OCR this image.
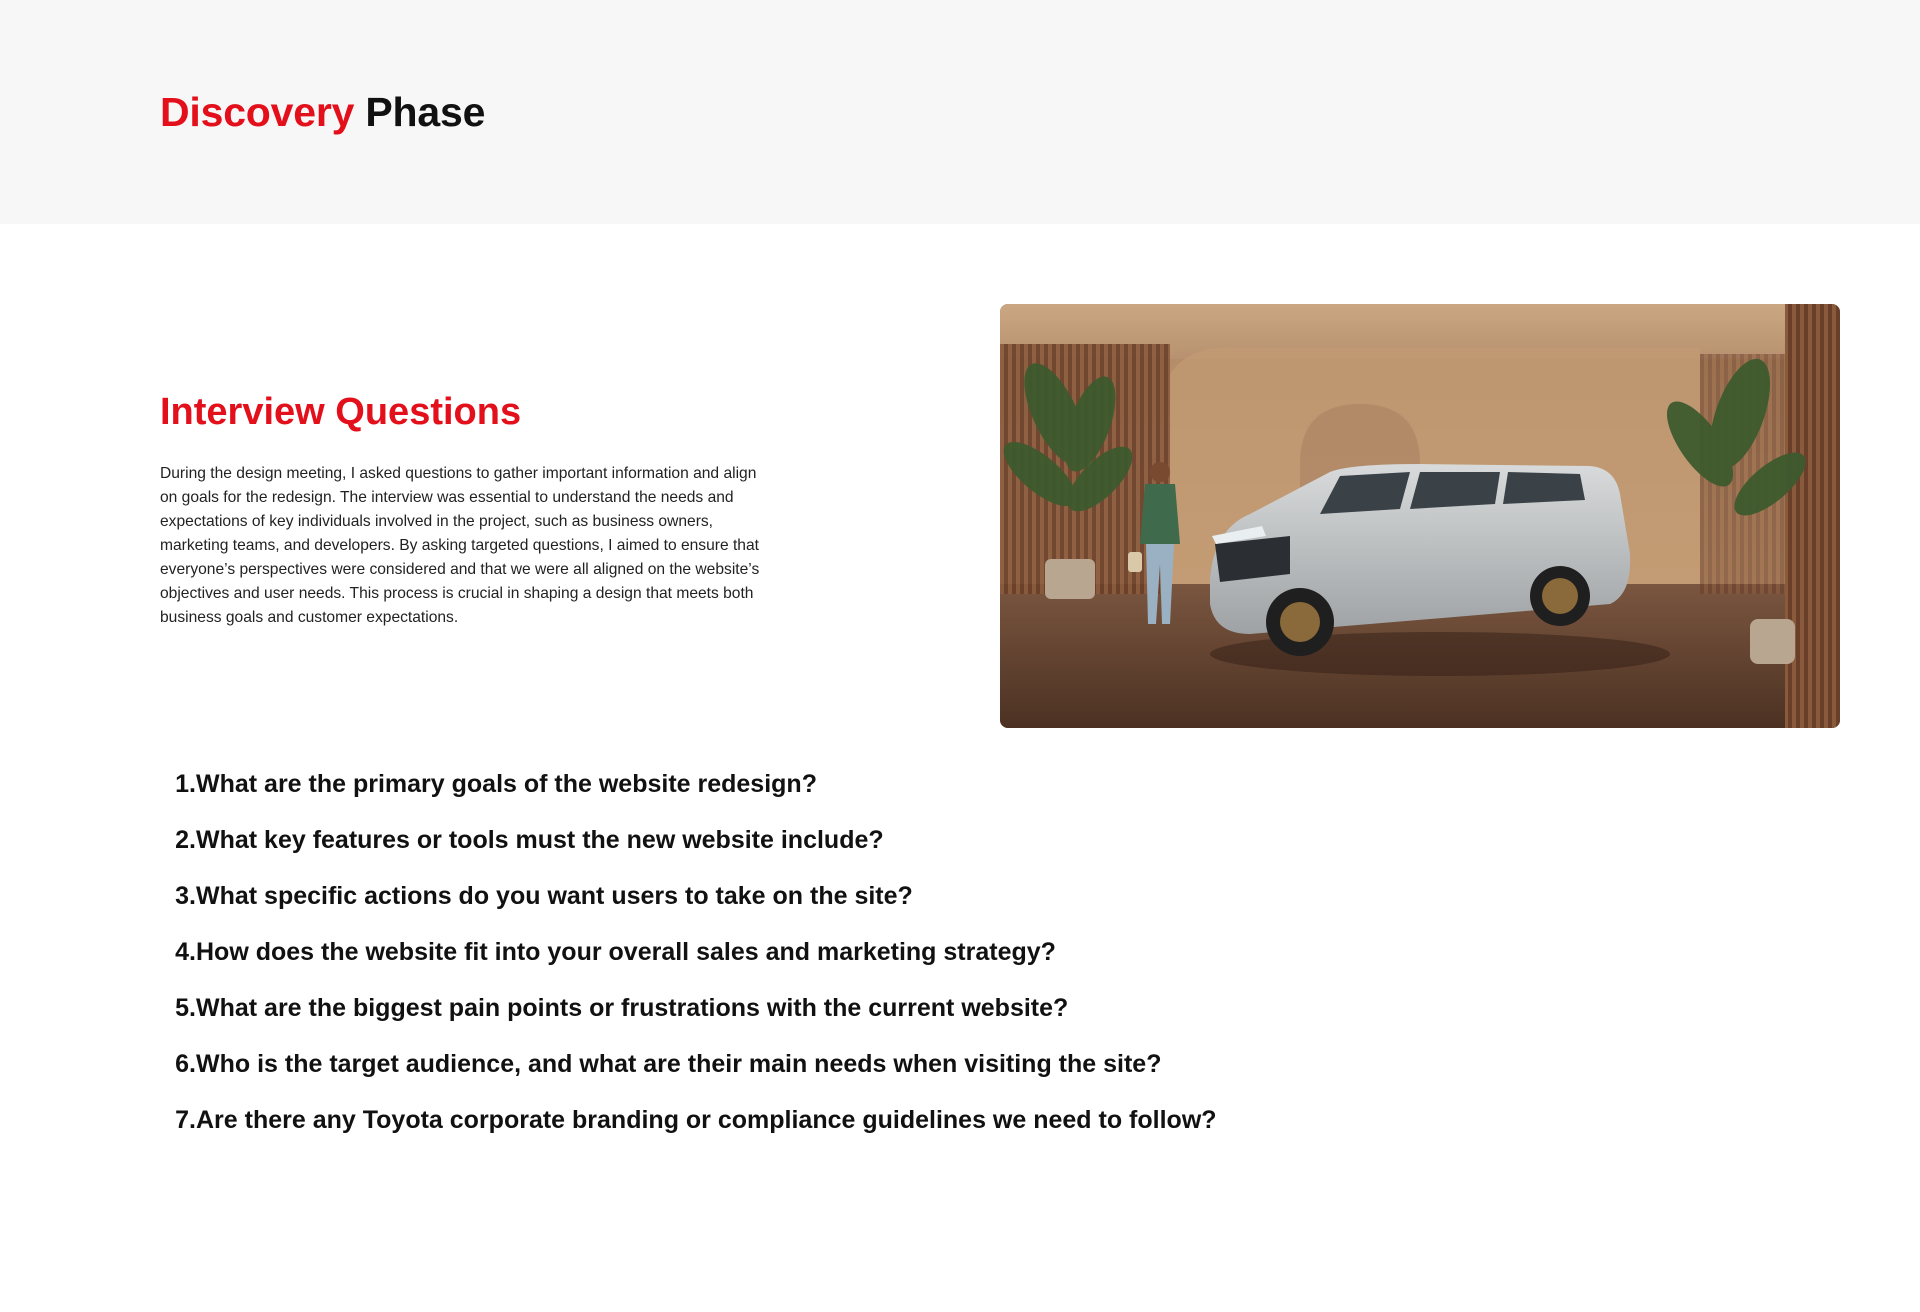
Discovery Phase
Interview Questions

During the design meeting, I asked questions to gather important information and align on goals for the redesign. The interview was essential to understand the needs and expectations of key individuals involved in the project, such as business owners, marketing teams, and developers. By asking targeted questions, I aimed to ensure that everyone’s perspectives were considered and that we were all aligned on the website’s objectives and user needs. This process is crucial in shaping a design that meets both business goals and customer expectations.

1. What are the primary goals of the website redesign?
2. What key features or tools must the new website include?
3. What specific actions do you want users to take on the site?
4. How does the website fit into your overall sales and marketing strategy?
5. What are the biggest pain points or frustrations with the current website?
6. Who is the target audience, and what are their main needs when visiting the site?
7. Are there any Toyota corporate branding or compliance guidelines we need to follow?
